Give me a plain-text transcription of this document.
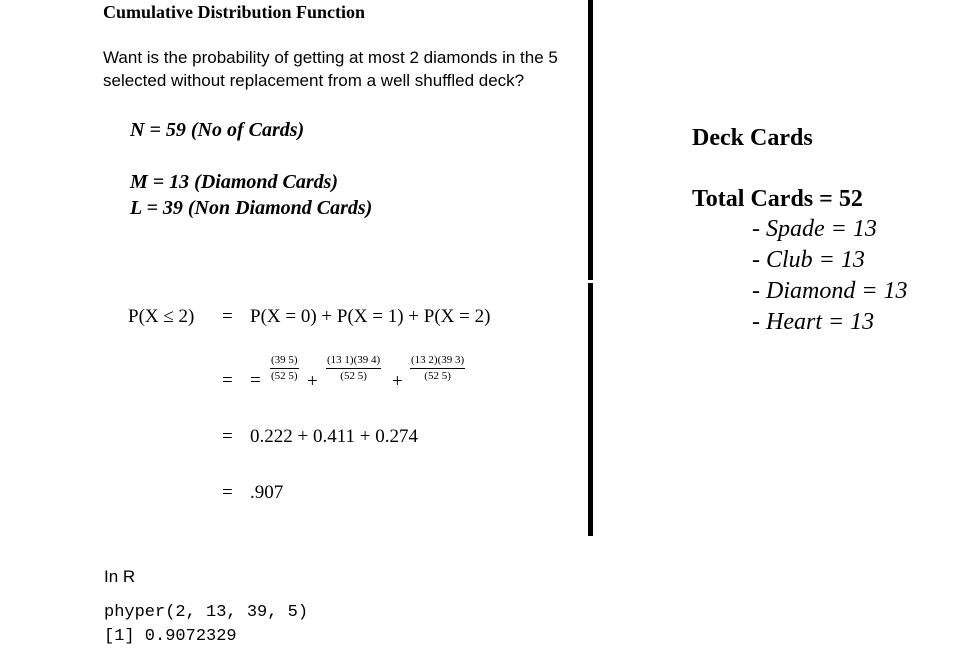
Cumulative Distribution Function
Want is the probability of getting at most 2 diamonds in the 5 selected without replacement from a well shuffled deck?
N = 59 (No of Cards)
M = 13 (Diamond Cards)
L = 39 (Non Diamond Cards)
P(X ≤ 2) = P(X = 0) + P(X = 1) + P(X = 2)
= =
(39 5)
(52 5) +
(13 1)(39 4)
(52 5) +
(13 2)(39 3)
(52 5)
= 0.222 + 0.411 + 0.274
= .907
In R
phyper(2, 13, 39, 5)
[1] 0.9072329
Deck Cards
Total Cards = 52
- Spade = 13
- Club = 13
- Diamond = 13
- Heart = 13
